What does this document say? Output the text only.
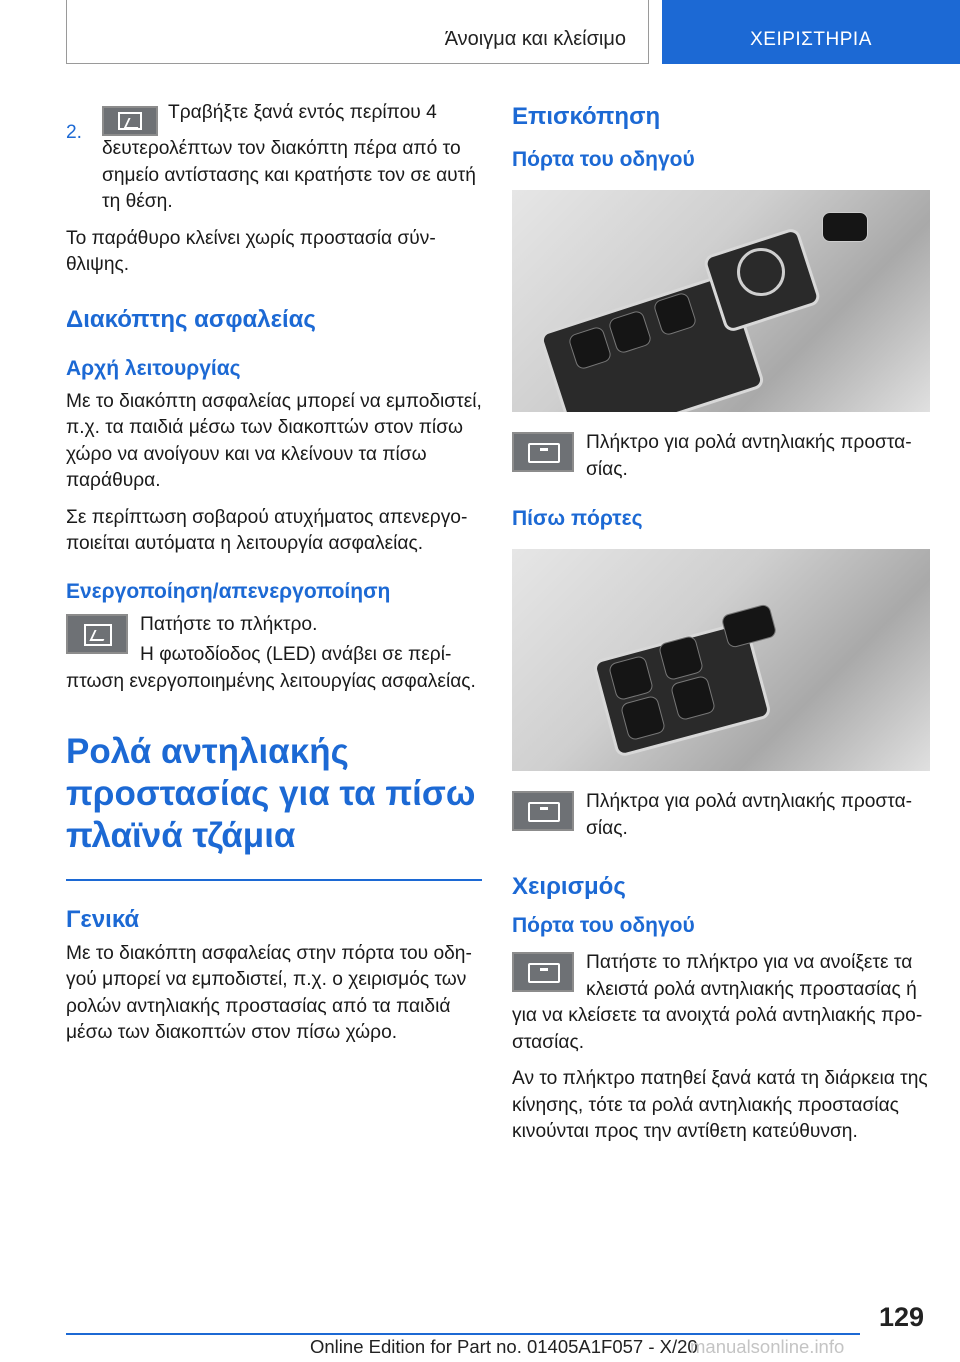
Άνοιγμα και κλείσιμο	ΧΕΙΡΙΣΤΗΡΙΑ
2.

Τραβήξτε ξανά εντός περίπου 4 δευτερολέπτων τον διακόπτη πέρα από το σημείο αντίστασης και κρατήστε τον σε αυτή τη θέση.

Το παράθυρο κλείνει χωρίς προστασία σύνθλιψης.

Διακόπτης ασφαλείας
Αρχή λειτουργίας

Με το διακόπτη ασφαλείας μπορεί να εμποδιστεί, π.χ. τα παιδιά μέσω των διακοπτών στον πίσω χώρο να ανοίγουν και να κλείνουν τα πίσω παράθυρα.

Σε περίπτωση σοβαρού ατυχήματος απενεργοποιείται αυτόματα η λειτουργία ασφαλείας.

Ενεργοποίηση/απενεργοποίηση

Πατήστε το πλήκτρο.

Η φωτοδίοδος (LED) ανάβει σε περίπτωση ενεργοποιημένης λειτουργίας ασφαλείας.

Ρολά αντηλιακής προστασίας για τα πίσω πλαϊνά τζάμια
Γενικά

Με το διακόπτη ασφαλείας στην πόρτα του οδηγού μπορεί να εμποδιστεί, π.χ. ο χειρισμός των ρολών αντηλιακής προστασίας από τα παιδιά μέσω των διακοπτών στον πίσω χώρο.

Επισκόπηση
Πόρτα του οδηγού

Πλήκτρο για ρολά αντηλιακής προστασίας.

Πίσω πόρτες

Πλήκτρα για ρολά αντηλιακής προστασίας.

Χειρισμός
Πόρτα του οδηγού

Πατήστε το πλήκτρο για να ανοίξετε τα κλειστά ρολά αντηλιακής προστασίας ή για να κλείσετε τα ανοιχτά ρολά αντηλιακής προστασίας.

Αν το πλήκτρο πατηθεί ξανά κατά τη διάρκεια της κίνησης, τότε τα ρολά αντηλιακής προστασίας κινούνται προς την αντίθετη κατεύθυνση.

129
Online Edition for Part no. 01405A1F057 - X/20
manualsonline.info
